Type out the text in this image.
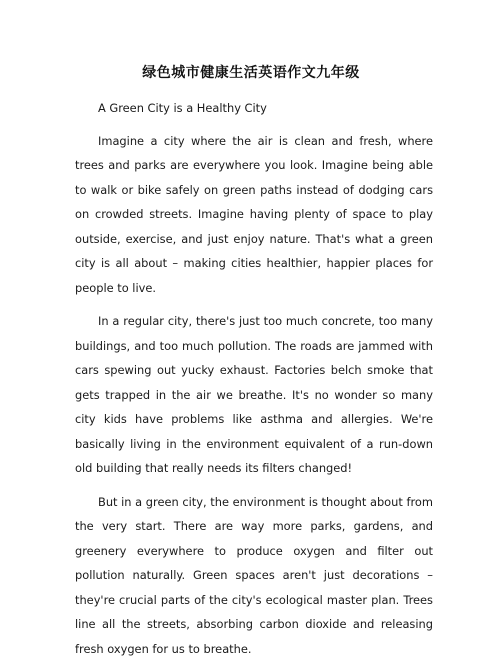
绿色城市健康生活英语作文九年级

A Green City is a Healthy City

Imagine a city where the air is clean and fresh, where trees and parks are everywhere you look. Imagine being able to walk or bike safely on green paths instead of dodging cars on crowded streets. Imagine having plenty of space to play outside, exercise, and just enjoy nature. That's what a green city is all about – making cities healthier, happier places for people to live.

In a regular city, there's just too much concrete, too many buildings, and too much pollution. The roads are jammed with cars spewing out yucky exhaust. Factories belch smoke that gets trapped in the air we breathe. It's no wonder so many city kids have problems like asthma and allergies. We're basically living in the environment equivalent of a run-down old building that really needs its filters changed!

But in a green city, the environment is thought about from the very start. There are way more parks, gardens, and greenery everywhere to produce oxygen and filter out pollution naturally. Green spaces aren't just decorations – they're crucial parts of the city's ecological master plan. Trees line all the streets, absorbing carbon dioxide and releasing fresh oxygen for us to breathe.
